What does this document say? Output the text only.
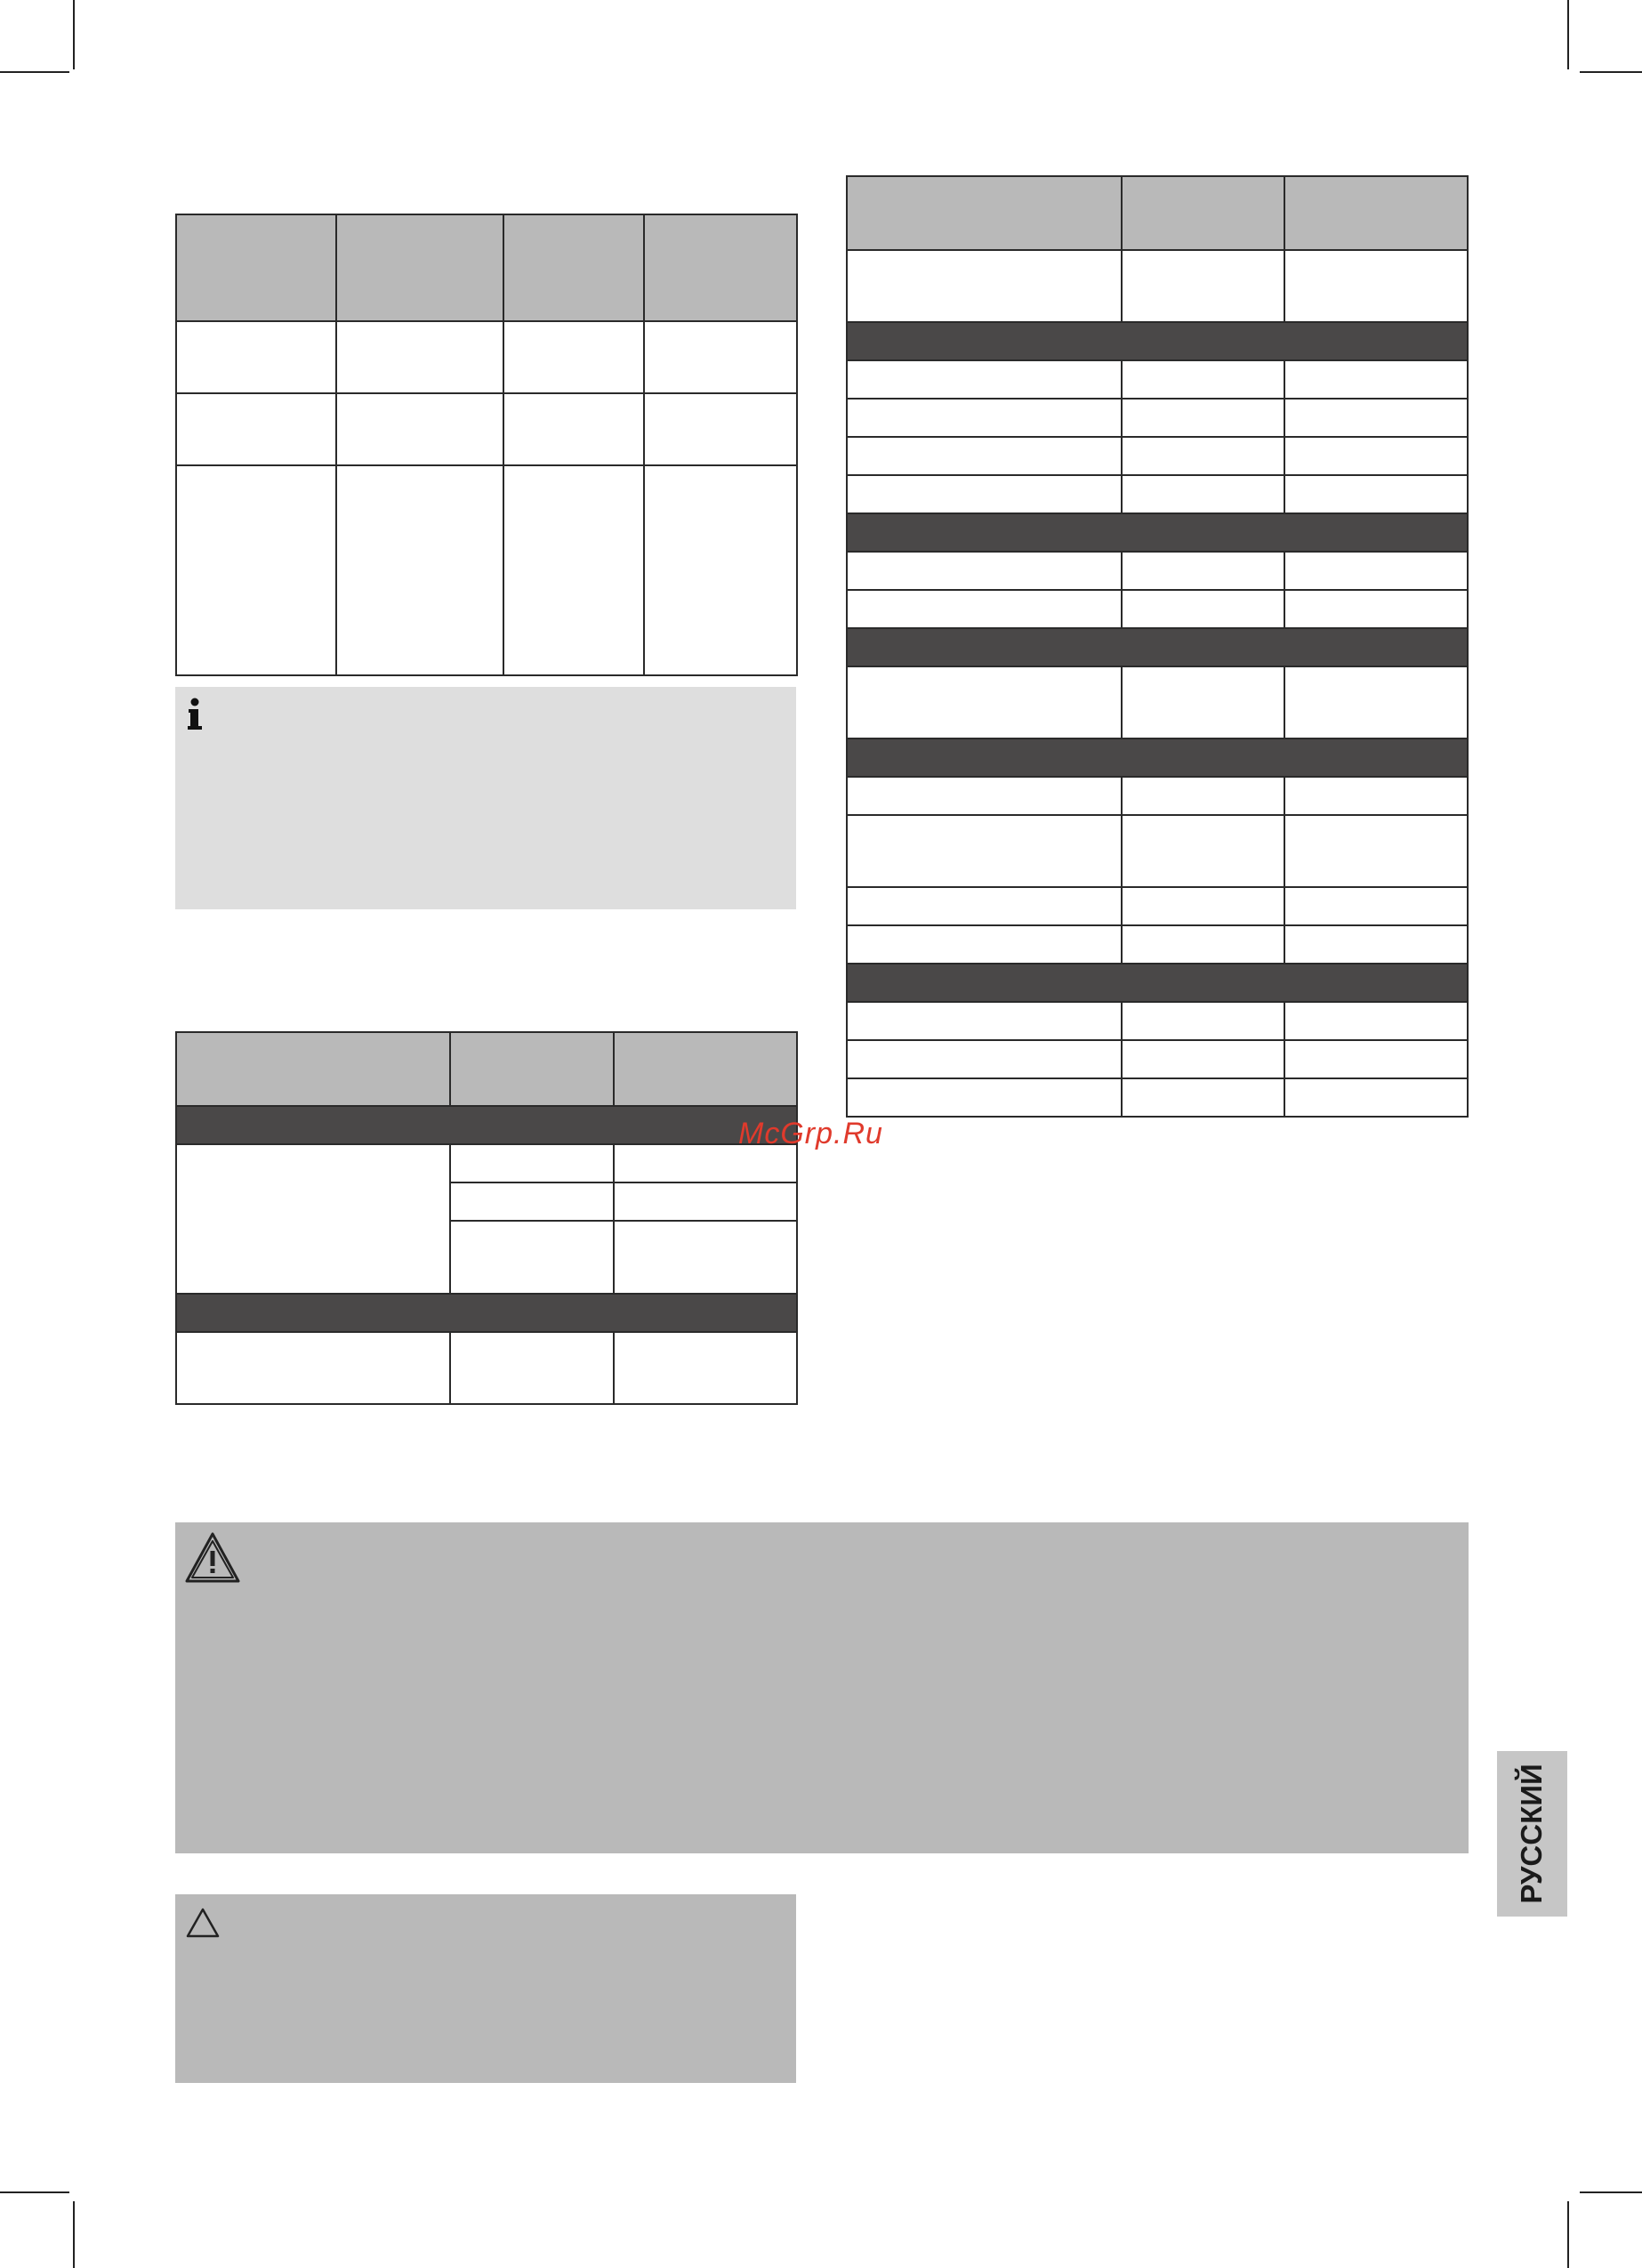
McGrp.Ru
РУССКИЙ
